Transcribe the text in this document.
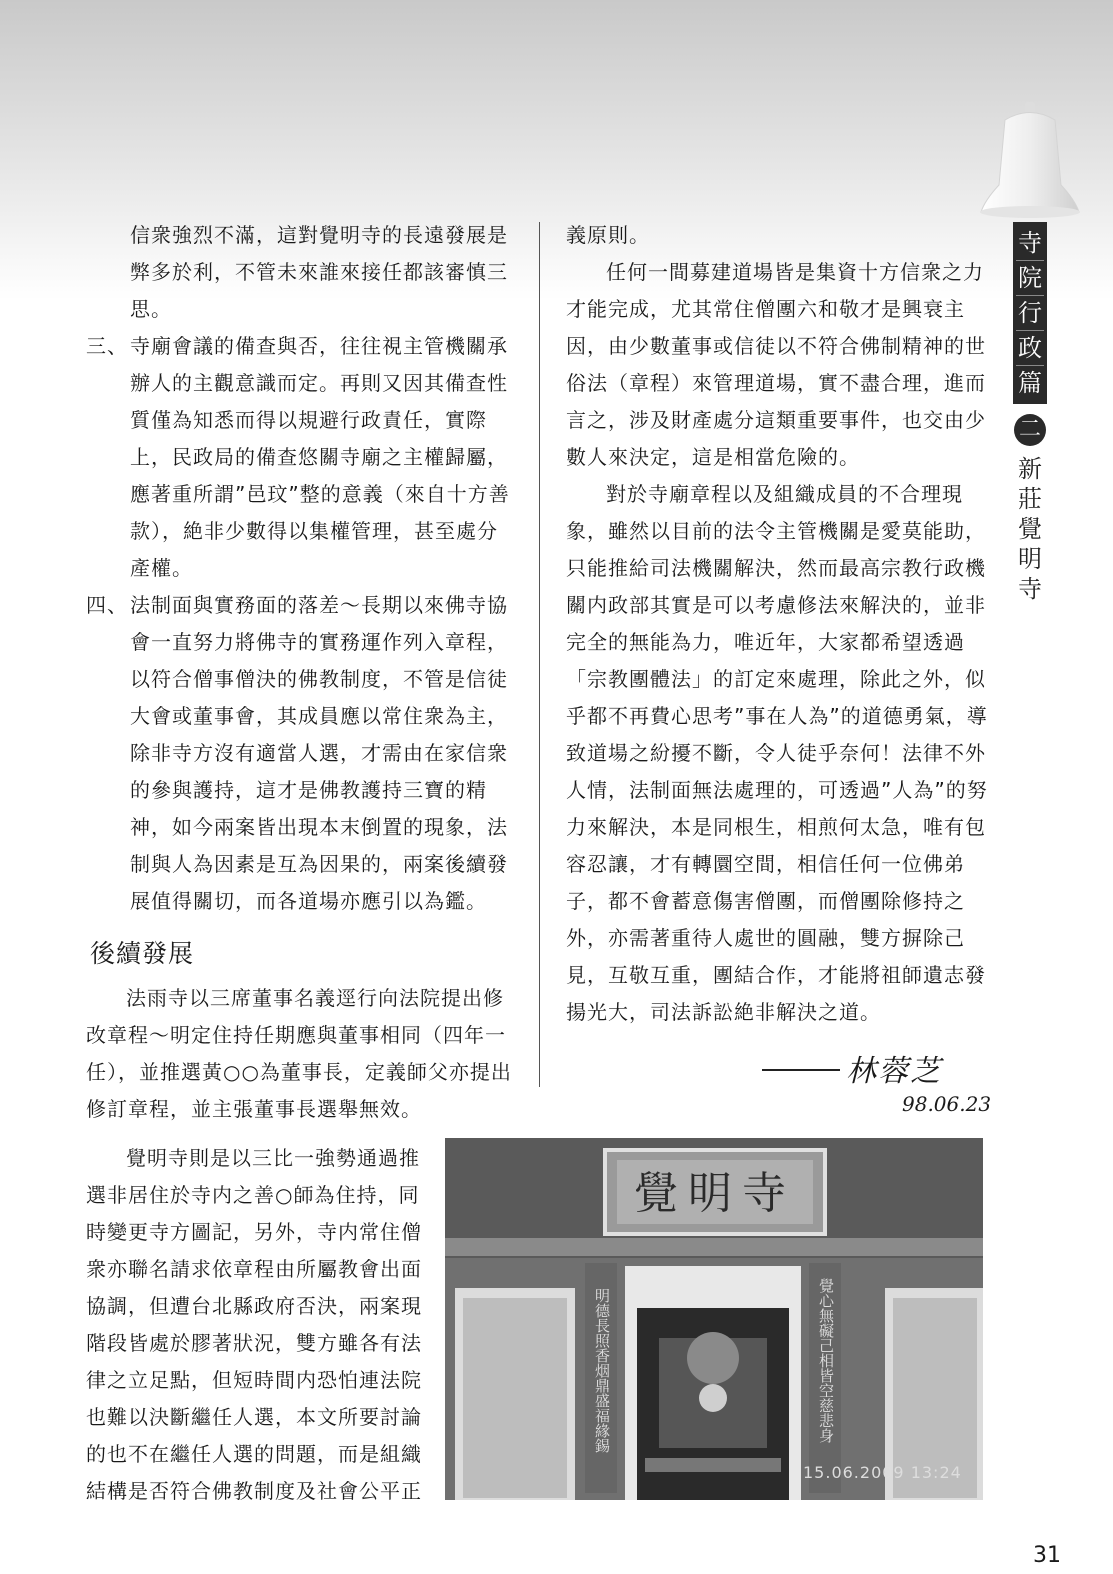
寺
院
行
政
篇
二
新
莊
覺
明
寺

信衆強烈不滿，這對覺明寺的長遠發展是弊多於利，不管未來誰來接任都該審慎三思。

三、 寺廟會議的備查與否，往往視主管機關承辦人的主觀意識而定。再則又因其備查性質僅為知悉而得以規避行政責任，實際上，民政局的備查悠關寺廟之主權歸屬，應著重所謂”邑玟”整的意義（來自十方善款），絶非少數得以集權管理，甚至處分產權。
四、 法制面與實務面的落差～長期以來佛寺協會一直努力將佛寺的實務運作列入章程，以符合僧事僧決的佛教制度，不管是信徒大會或董事會，其成員應以常住衆為主，除非寺方沒有適當人選，才需由在家信衆的參與護持，這才是佛教護持三寶的精神，如今兩案皆出現本末倒置的現象，法制與人為因素是互為因果的，兩案後續發展值得關切，而各道場亦應引以為鑑。
後續發展

法雨寺以三席董事名義逕行向法院提出修改章程～明定住持任期應與董事相同（四年一任），並推選黃○○為董事長，定義師父亦提出修訂章程，並主張董事長選舉無效。

覺明寺則是以三比一強勢通過推選非居住於寺内之善○師為住持，同時變更寺方圖記，另外，寺内常住僧衆亦聯名請求依章程由所屬教會出面協調，但遭台北縣政府否決，兩案現階段皆處於膠著狀況，雙方雖各有法律之立足點，但短時間内恐怕連法院也難以決斷繼任人選，本文所要討論的也不在繼任人選的問題，而是組織結構是否符合佛教制度及社會公平正

義原則。

任何一間募建道場皆是集資十方信衆之力才能完成，尤其常住僧團六和敬才是興衰主因，由少數董事或信徒以不符合佛制精神的世俗法（章程）來管理道場，實不盡合理，進而言之，涉及財產處分這類重要事件，也交由少數人來決定，這是相當危險的。

對於寺廟章程以及組織成員的不合理現象，雖然以目前的法令主管機關是愛莫能助，只能推給司法機關解決，然而最高宗教行政機關内政部其實是可以考慮修法來解決的，並非完全的無能為力，唯近年，大家都希望透過「宗教團體法」的訂定來處理，除此之外，似乎都不再費心思考”事在人為”的道德勇氣，導致道場之紛擾不斷，令人徒乎奈何！法律不外人情，法制面無法處理的，可透過”人為”的努力來解決，本是同根生，相煎何太急，唯有包容忍讓，才有轉圜空間，相信任何一位佛弟子，都不會蓄意傷害僧團，而僧團除修持之外，亦需著重待人處世的圓融，雙方摒除己見，互敬互重，團結合作，才能將祖師遺志發揚光大，司法訴訟絶非解決之道。

林蓉芝
98.06.23
覺明寺
明德長照香烟鼎盛福緣錫	覺心無礙己相皆空慈悲身
15.06.2009 13:24
31
